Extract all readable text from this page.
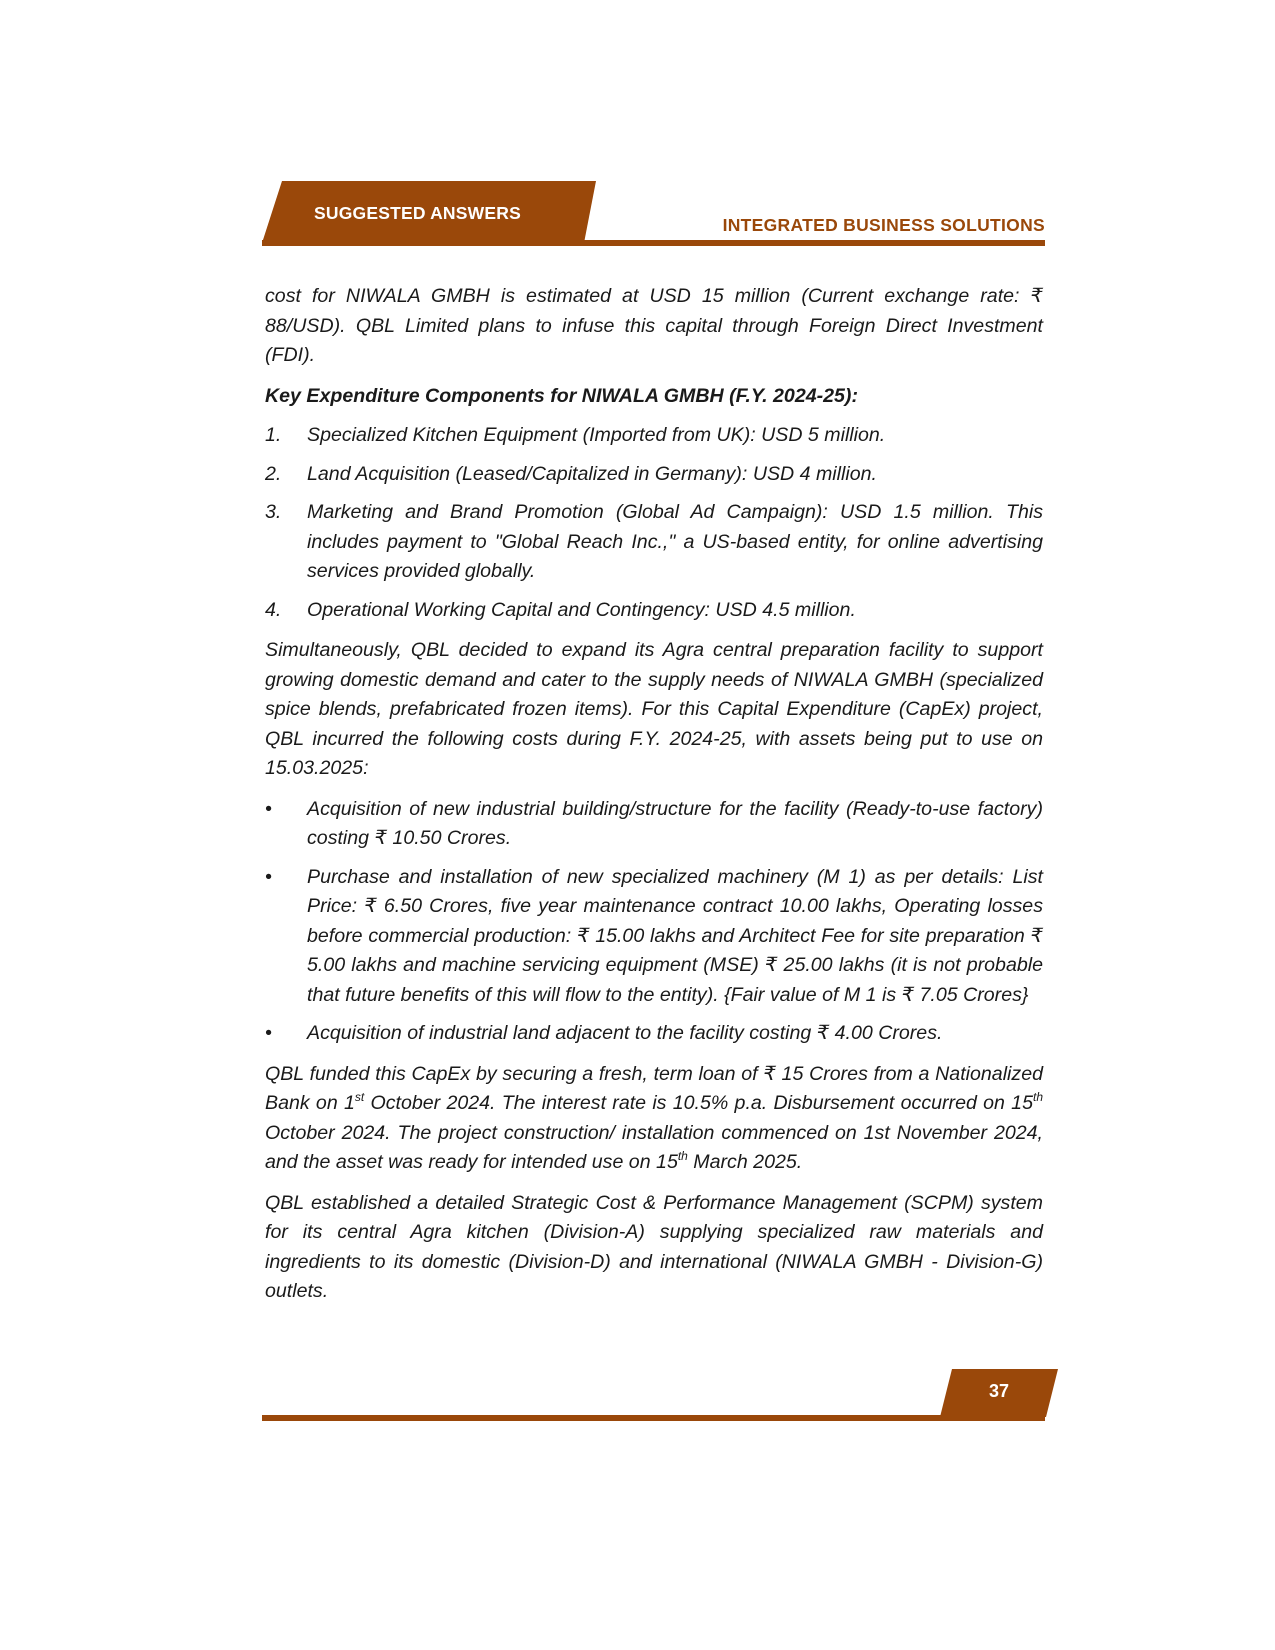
SUGGESTED ANSWERS
INTEGRATED BUSINESS SOLUTIONS

cost for NIWALA GMBH is estimated at USD 15 million (Current exchange rate: ₹ 88/USD). QBL Limited plans to infuse this capital through Foreign Direct Investment (FDI).

Key Expenditure Components for NIWALA GMBH (F.Y. 2024-25):

1. Specialized Kitchen Equipment (Imported from UK): USD 5 million.
2. Land Acquisition (Leased/Capitalized in Germany): USD 4 million.
3. Marketing and Brand Promotion (Global Ad Campaign): USD 1.5 million. This includes payment to "Global Reach Inc.," a US-based entity, for online advertising services provided globally.
4. Operational Working Capital and Contingency: USD 4.5 million.

Simultaneously, QBL decided to expand its Agra central preparation facility to support growing domestic demand and cater to the supply needs of NIWALA GMBH (specialized spice blends, prefabricated frozen items). For this Capital Expenditure (CapEx) project, QBL incurred the following costs during F.Y. 2024-25, with assets being put to use on 15.03.2025:

• Acquisition of new industrial building/structure for the facility (Ready-to-use factory) costing ₹ 10.50 Crores.
• Purchase and installation of new specialized machinery (M 1) as per details: List Price: ₹ 6.50 Crores, five year maintenance contract 10.00 lakhs, Operating losses before commercial production: ₹ 15.00 lakhs and Architect Fee for site preparation ₹ 5.00 lakhs and machine servicing equipment (MSE) ₹ 25.00 lakhs (it is not probable that future benefits of this will flow to the entity). {Fair value of M 1 is ₹ 7.05 Crores}
• Acquisition of industrial land adjacent to the facility costing ₹ 4.00 Crores.

QBL funded this CapEx by securing a fresh, term loan of ₹ 15 Crores from a Nationalized Bank on 1st October 2024. The interest rate is 10.5% p.a. Disbursement occurred on 15th October 2024. The project construction/ installation commenced on 1st November 2024, and the asset was ready for intended use on 15th March 2025.

QBL established a detailed Strategic Cost & Performance Management (SCPM) system for its central Agra kitchen (Division-A) supplying specialized raw materials and ingredients to its domestic (Division-D) and international (NIWALA GMBH - Division-G) outlets.

37
